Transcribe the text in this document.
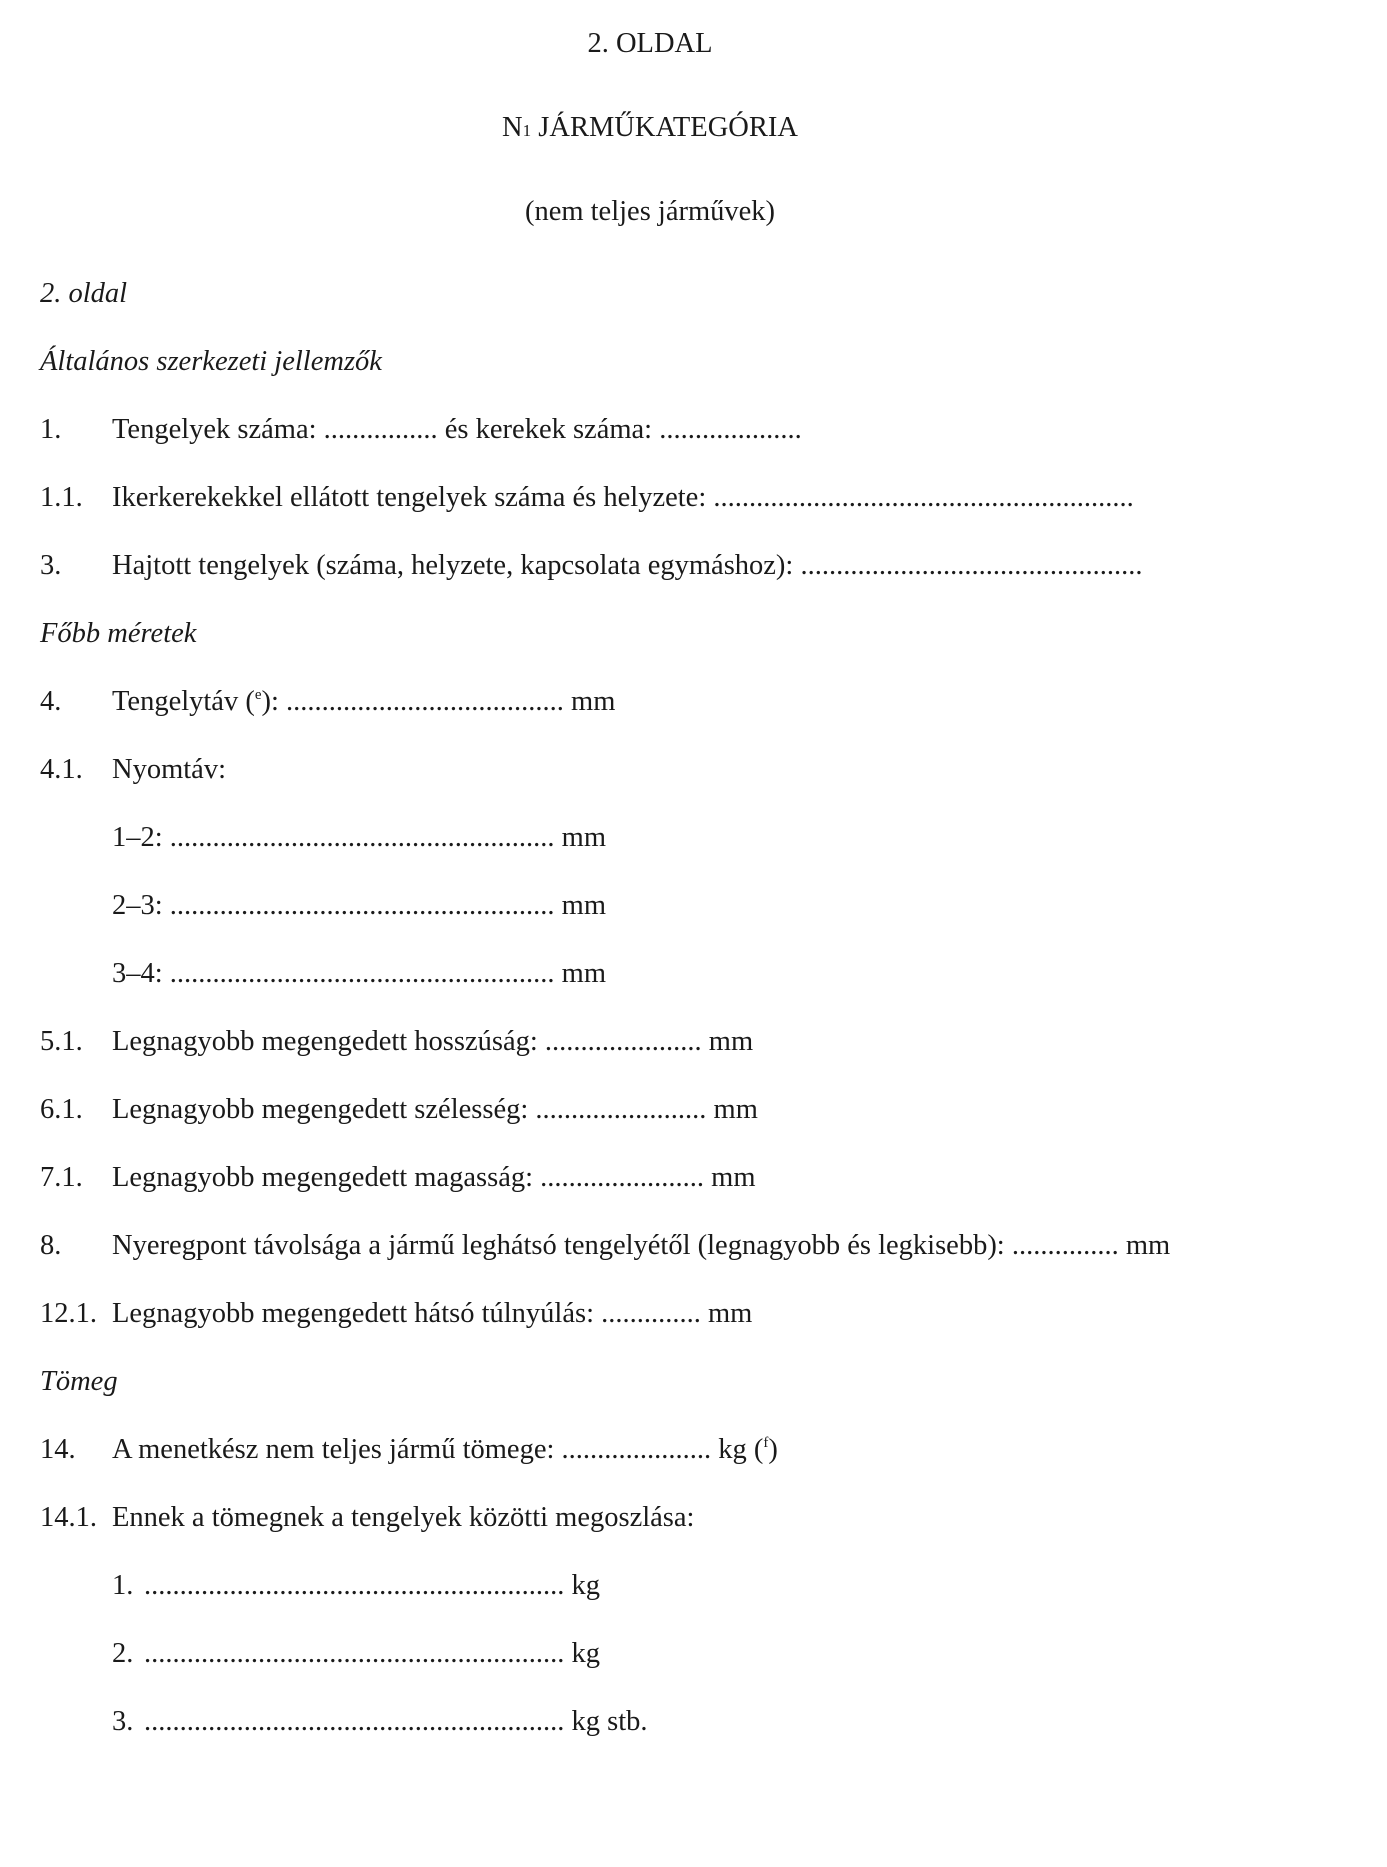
2. OLDAL
N1 JÁRMŰKATEGÓRIA
(nem teljes járművek)
2. oldal
Általános szerkezeti jellemzők
1. Tengelyek száma: ................ és kerekek száma: ....................
1.1. Ikerkerekekkel ellátott tengelyek száma és helyzete: ...........................................................
3. Hajtott tengelyek (száma, helyzete, kapcsolata egymáshoz): ................................................
Főbb méretek
4. Tengelytáv ($^e$): ....................................... mm
4.1. Nyomtáv:
1–2: ...................................................... mm
2–3: ...................................................... mm
3–4: ...................................................... mm
5.1. Legnagyobb megengedett hosszúság: ...................... mm
6.1. Legnagyobb megengedett szélesség: ........................ mm
7.1. Legnagyobb megengedett magasság: ....................... mm
8. Nyeregpont távolsága a jármű leghátsó tengelyétől (legnagyobb és legkisebb): ............... mm
12.1. Legnagyobb megengedett hátsó túlnyúlás: .............. mm
Tömeg
14. A menetkész nem teljes jármű tömege: ..................... kg ($^f$)
14.1. Ennek a tömegnek a tengelyek közötti megoszlása:
1. ........................................................... kg
2. ........................................................... kg
3. ........................................................... kg stb.
